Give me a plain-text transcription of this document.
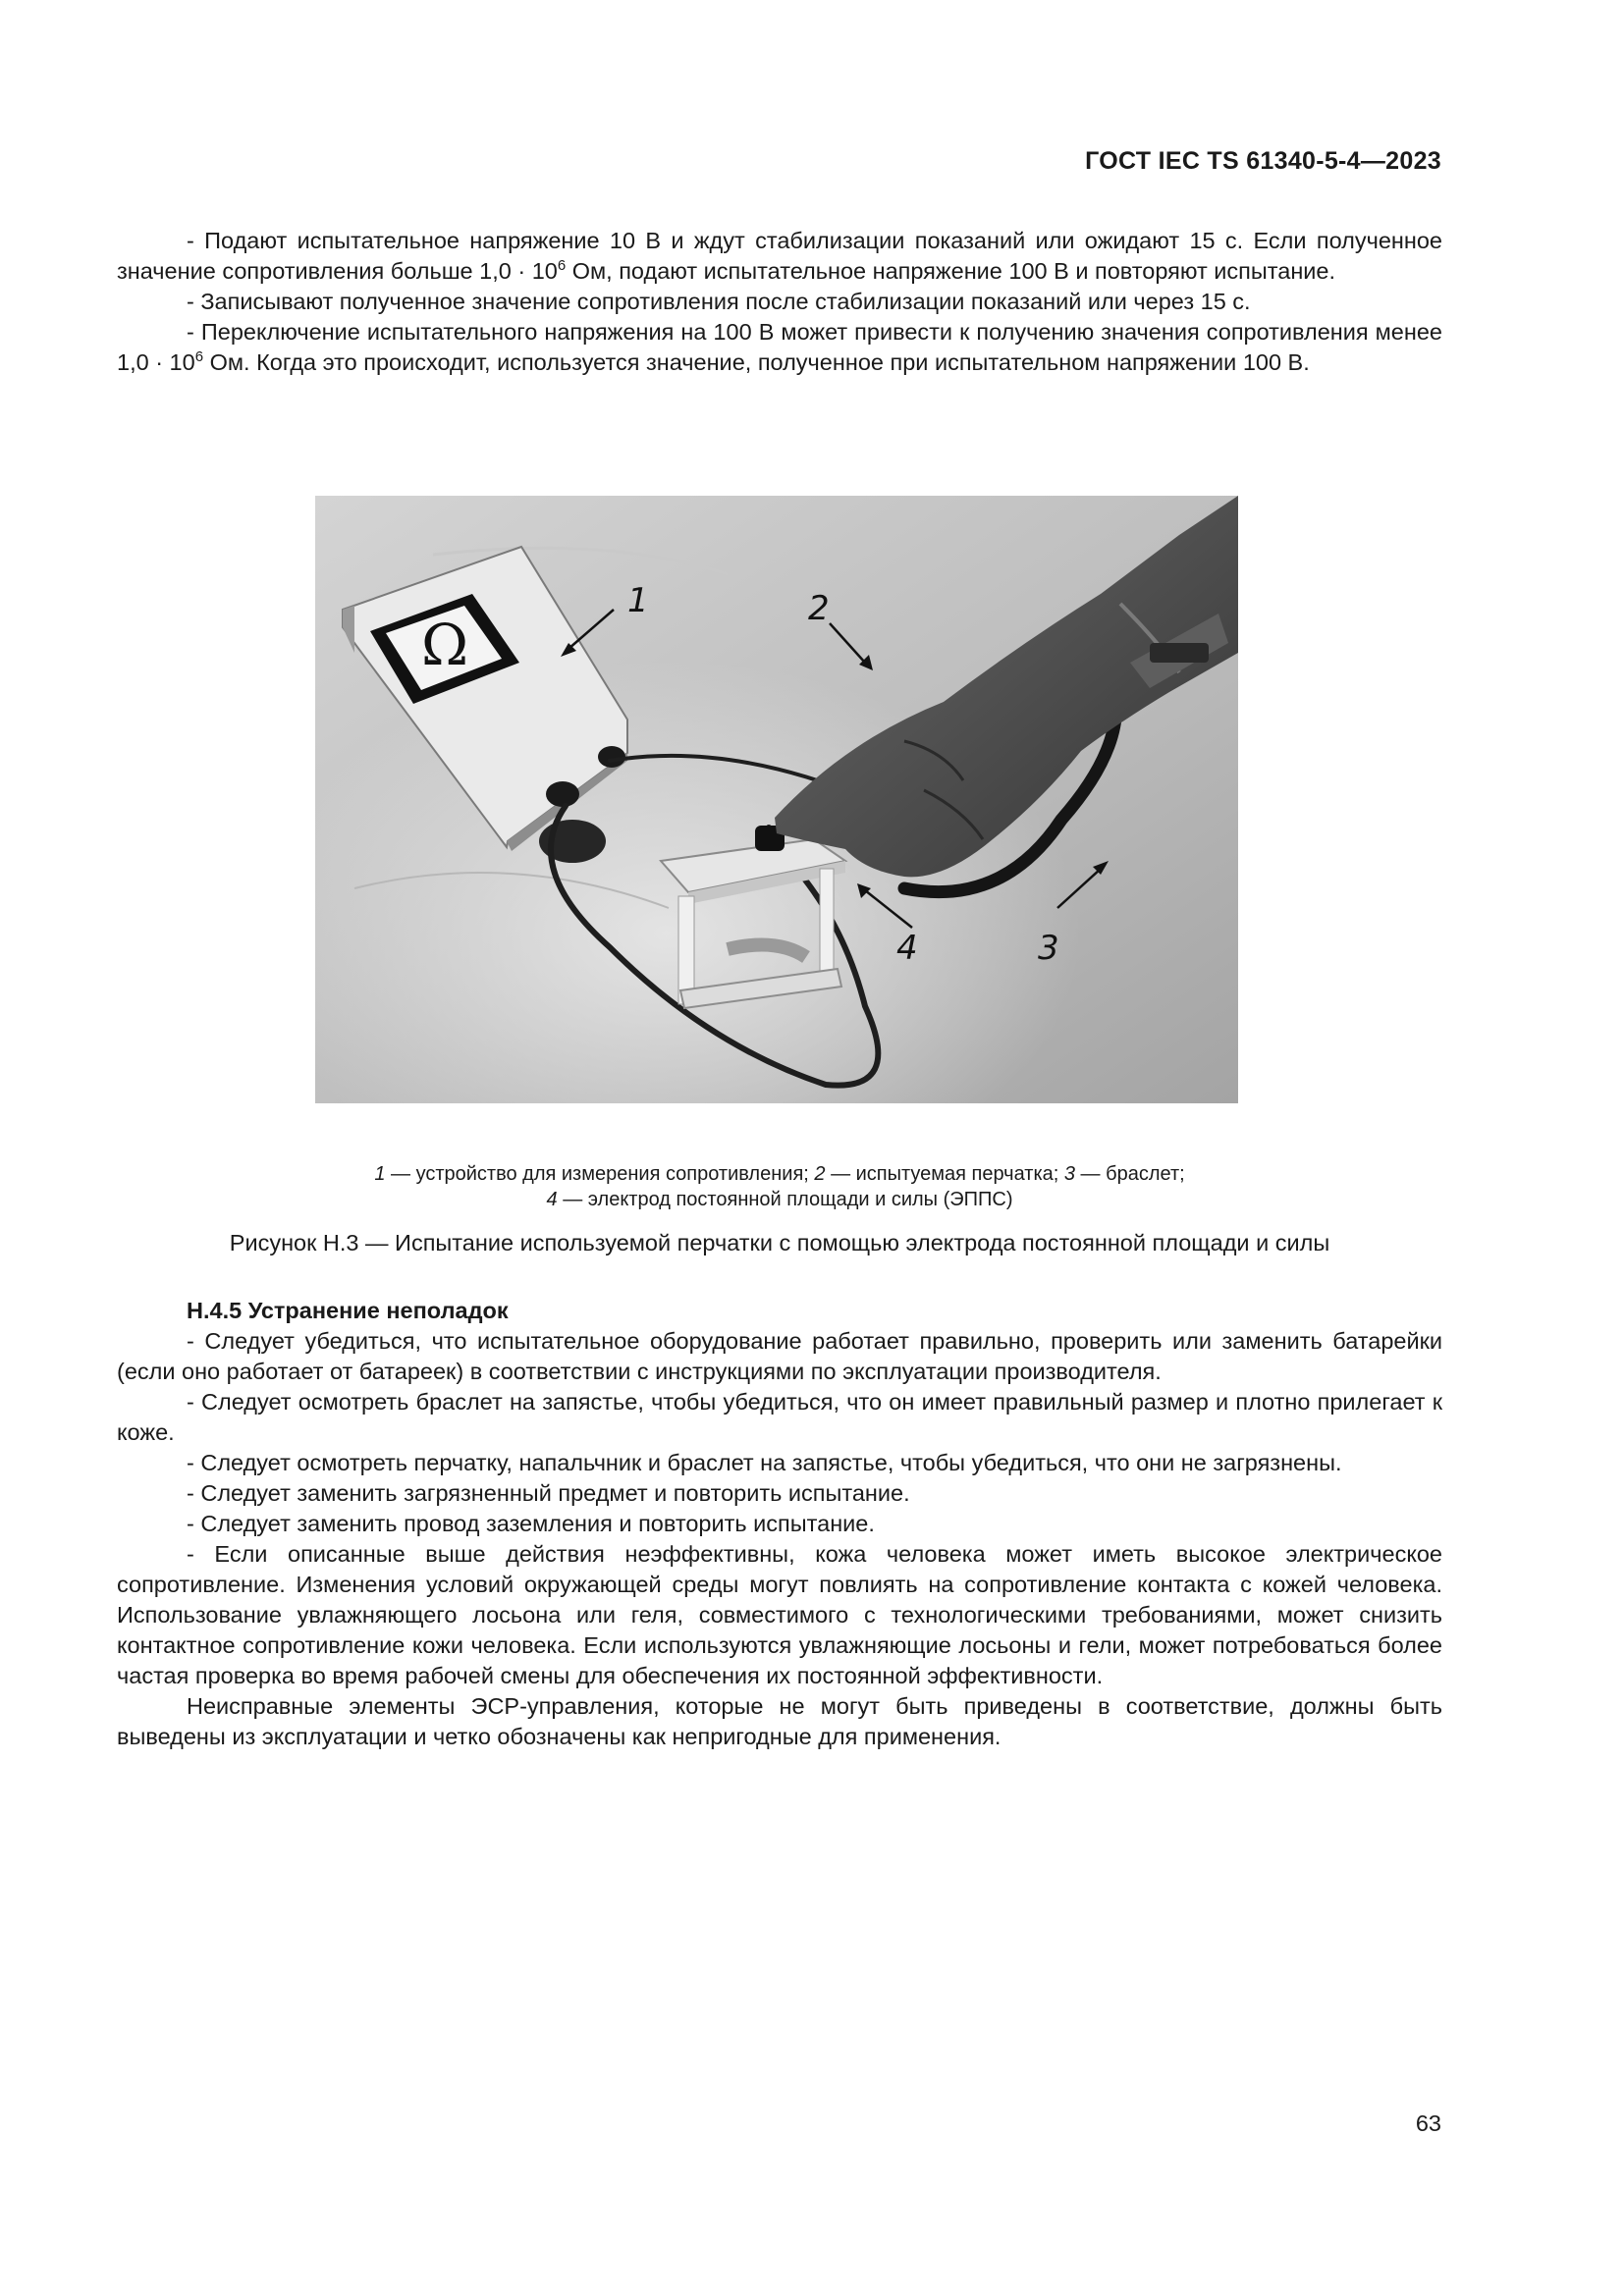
ГОСТ IEC TS 61340-5-4—2023

- Подают испытательное напряжение 10 В и ждут стабилизации показаний или ожидают 15 с. Если полученное значение сопротивления больше $1,0 \cdot 10^6$ Ом, подают испытательное напряжение 100 В и повторяют испытание.

- Записывают полученное значение сопротивления после стабилизации показаний или через 15 с.

- Переключение испытательного напряжения на 100 В может привести к получению значения сопротивления менее $1,0 \cdot 10^6$ Ом. Когда это происходит, используется значение, полученное при испытательном напряжении 100 В.

Ω
1	2
3
4
1 — устройство для измерения сопротивления; 2 — испытуемая перчатка; 3 — браслет;
4 — электрод постоянной площади и силы (ЭППС)
Рисунок Н.3 — Испытание используемой перчатки с помощью электрода постоянной площади и силы
Н.4.5 Устранение неполадок

- Следует убедиться, что испытательное оборудование работает правильно, проверить или заменить батарейки (если оно работает от батареек) в соответствии с инструкциями по эксплуатации производителя.

- Следует осмотреть браслет на запястье, чтобы убедиться, что он имеет правильный размер и плотно прилегает к коже.

- Следует осмотреть перчатку, напальчник и браслет на запястье, чтобы убедиться, что они не загрязнены.

- Следует заменить загрязненный предмет и повторить испытание.

- Следует заменить провод заземления и повторить испытание.

- Если описанные выше действия неэффективны, кожа человека может иметь высокое электрическое сопротивление. Изменения условий окружающей среды могут повлиять на сопротивление контакта с кожей человека. Использование увлажняющего лосьона или геля, совместимого с технологическими требованиями, может снизить контактное сопротивление кожи человека. Если используются увлажняющие лосьоны и гели, может потребоваться более частая проверка во время рабочей смены для обеспечения их постоянной эффективности.

Неисправные элементы ЭСР-управления, которые не могут быть приведены в соответствие, должны быть выведены из эксплуатации и четко обозначены как непригодные для применения.

63
